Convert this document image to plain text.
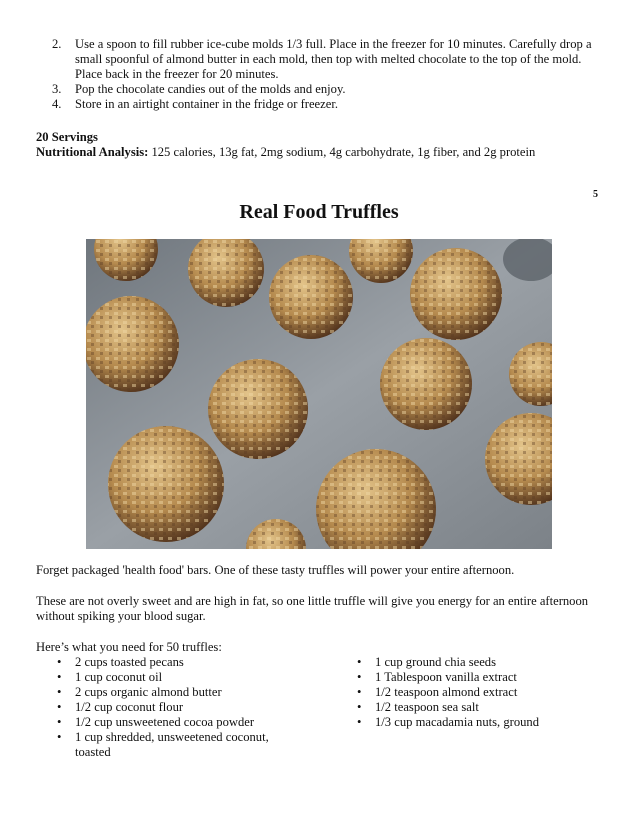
2. Use a spoon to fill rubber ice-cube molds 1/3 full. Place in the freezer for 10 minutes. Carefully drop a small spoonful of almond butter in each mold, then top with melted chocolate to the top of the mold. Place back in the freezer for 20 minutes.
3. Pop the chocolate candies out of the molds and enjoy.
4. Store in an airtight container in the fridge or freezer.
20 Servings
Nutritional Analysis: 125 calories, 13g fat, 2mg sodium, 4g carbohydrate, 1g fiber, and 2g protein
5
Real Food Truffles
Forget packaged 'health food' bars. One of these tasty truffles will power your entire afternoon.
These are not overly sweet and are high in fat, so one little truffle will give you energy for an entire afternoon without spiking your blood sugar.
Here’s what you need for 50 truffles:
• 2 cups toasted pecans
• 1 cup coconut oil
• 2 cups organic almond butter
• 1/2 cup coconut flour
• 1/2 cup unsweetened cocoa powder
• 1 cup shredded, unsweetened coconut, toasted
• 1 cup ground chia seeds
• 1 Tablespoon vanilla extract
• 1/2 teaspoon almond extract
• 1/2 teaspoon sea salt
• 1/3 cup macadamia nuts, ground
